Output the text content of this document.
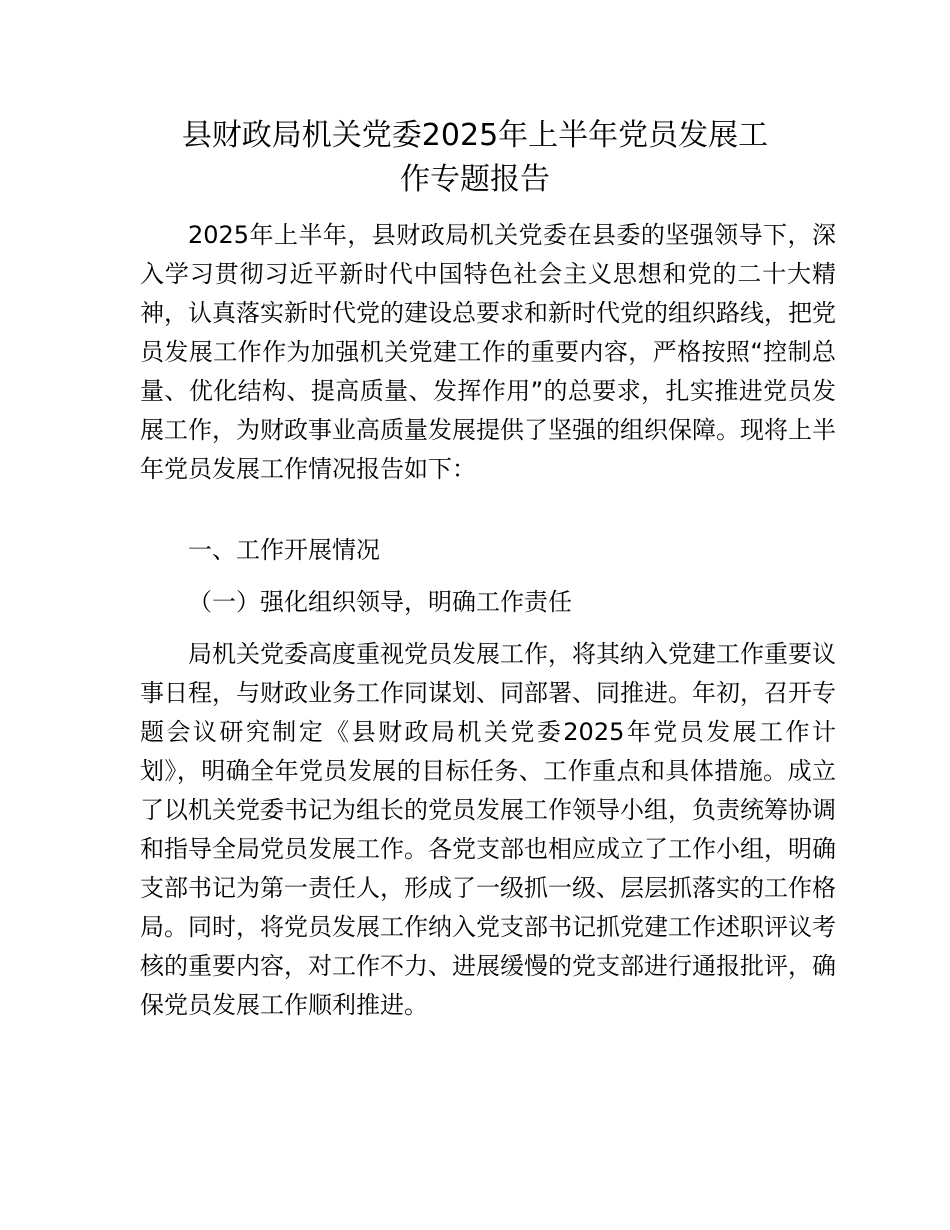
县财政局机关党委2025年上半年党员发展工
作专题报告

2025年上半年，县财政局机关党委在县委的坚强领导下，深入学习贯彻习近平新时代中国特色社会主义思想和党的二十大精神，认真落实新时代党的建设总要求和新时代党的组织路线，把党员发展工作作为加强机关党建工作的重要内容，严格按照“控制总量、优化结构、提高质量、发挥作用”的总要求，扎实推进党员发展工作，为财政事业高质量发展提供了坚强的组织保障。现将上半年党员发展工作情况报告如下：

一、工作开展情况

（一）强化组织领导，明确工作责任

局机关党委高度重视党员发展工作，将其纳入党建工作重要议事日程，与财政业务工作同谋划、同部署、同推进。年初，召开专题会议研究制定《县财政局机关党委2025年党员发展工作计划》，明确全年党员发展的目标任务、工作重点和具体措施。成立了以机关党委书记为组长的党员发展工作领导小组，负责统筹协调和指导全局党员发展工作。各党支部也相应成立了工作小组，明确支部书记为第一责任人，形成了一级抓一级、层层抓落实的工作格局。同时，将党员发展工作纳入党支部书记抓党建工作述职评议考核的重要内容，对工作不力、进展缓慢的党支部进行通报批评，确保党员发展工作顺利推进。
